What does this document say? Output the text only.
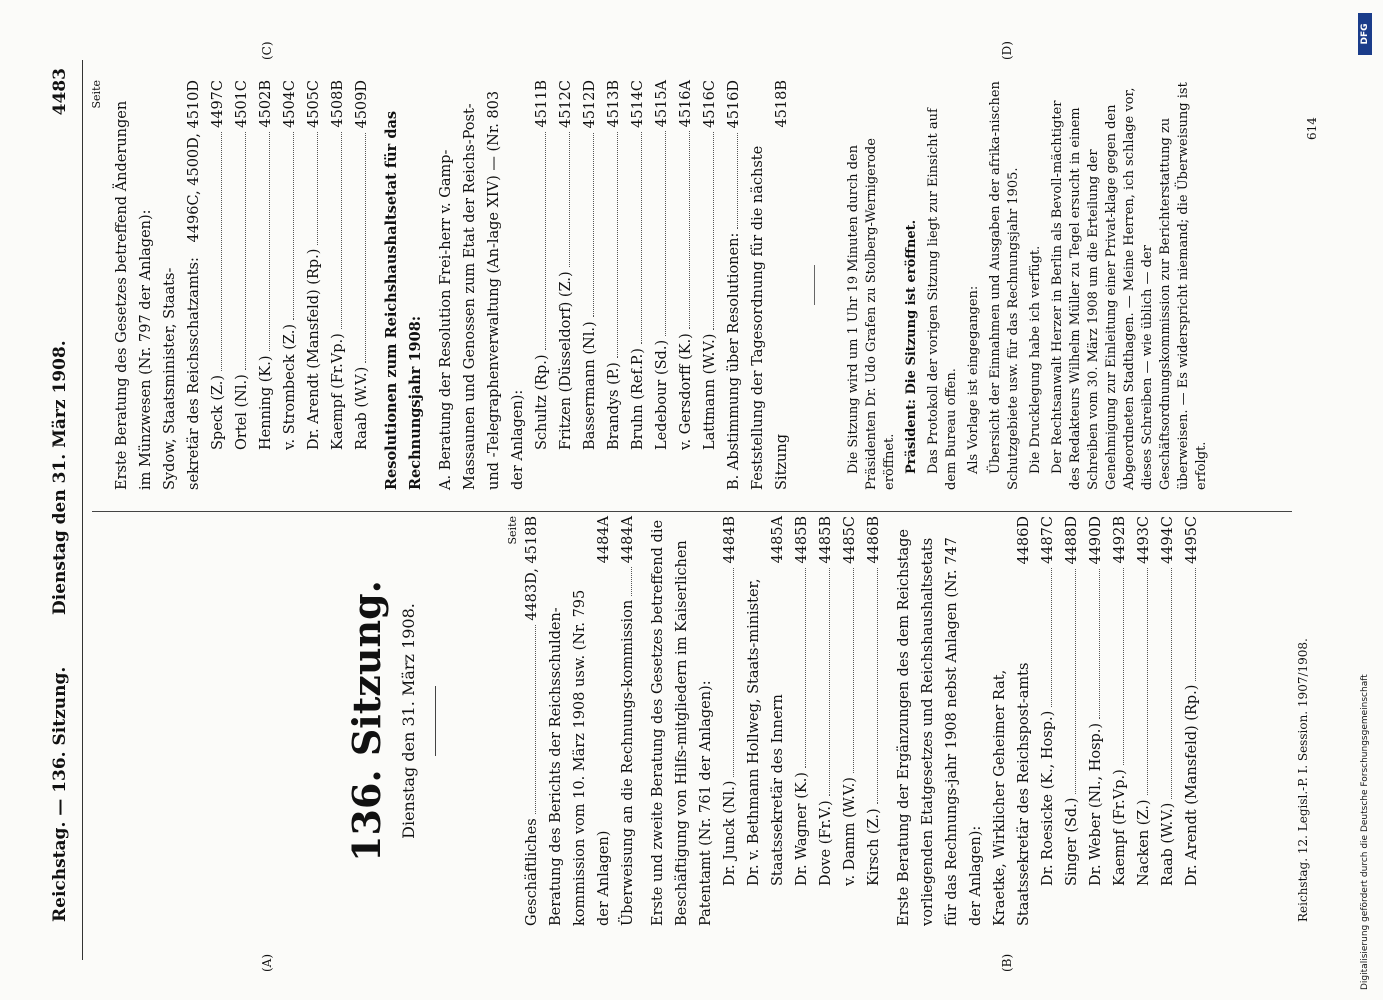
Reichstag. — 136. Sitzung.
Dienstag den 31. März 1908.
4483
(A)	(B)
(C)	(D)
136. Sitzung. Dienstag den 31. März 1908.
Seite
Geschäftliches
4483D, 4518B
Beratung des Berichts der Reichsschulden-kommission vom 10. März 1908 usw. (Nr. 795 der Anlagen)
4484A
Überweisung an die Rechnungs-kommission
4484A Erste und zweite Beratung des Gesetzes betreffend die Beschäftigung von Hilfs-mitgliedern im Kaiserlichen Patentamt (Nr. 761 der Anlagen): Dr. Junck (Nl.)
4484B
Dr. v. Bethmann Hollweg, Staats-minister, Staatssekretär des Innern
4485A
Dr. Wagner (K.)
4485B
Dove (Fr.V.)
4485B
v. Damm (W.V.)
4485C
Kirsch (Z.)
4486B Erste Beratung der Ergänzungen des dem Reichstage vorliegenden Etatgesetzes und Reichshaushaltsetats für das Rechnungs-jahr 1908 nebst Anlagen (Nr. 747 der Anlagen): Kraetke, Wirklicher Geheimer Rat, Staatssekretär des Reichspost-amts
4486D
Dr. Roesicke (K., Hosp.)
4487C
Singer (Sd.)
4488D
Dr. Weber (Nl., Hosp.)
4490D
Kaempf (Fr.Vp.)
4492B
Nacken (Z.)
4493C
Raab (W.V.)
4494C
Dr. Arendt (Mansfeld) (Rp.)
4495C
Seite
Erste Beratung des Gesetzes betreffend Änderungen im Münzwesen (Nr. 797 der Anlagen): Sydow, Staatsminister, Staats-sekretär des Reichsschatzamts:
4496C, 4500D, 4510D
Speck (Z.)
4497C
Ortel (Nl.)
4501C
Henning (K.)
4502B
v. Strombeck (Z.)
4504C
Dr. Arendt (Mansfeld) (Rp.)
4505C
Kaempf (Fr.Vp.)
4508B
Raab (W.V.)
4509D
Resolutionen zum Reichshaushaltsetat für das Rechnungsjahr 1908: A. Beratung der Resolution Frei-herr v. Gamp-Massaunen und Genossen zum Etat der Reichs-Post- und -Telegraphenverwaltung (An-lage XIV) — (Nr. 803 der Anlagen): Schultz (Rp.)
4511B
Fritzen (Düsseldorf) (Z.)
4512C
Bassermann (Nl.)
4512D
Brandys (P.)
4513B
Bruhn (Ref.P.)
4514C
Ledebour (Sd.)
4515A
v. Gersdorff (K.)
4516A
Lattmann (W.V.)
4516C
B. Abstimmung über Resolutionen:
4516D
Feststellung der Tagesordnung für die nächste Sitzung
4518B
Die Sitzung wird um 1 Uhr 19 Minuten durch den Präsidenten Dr. Udo Grafen zu Stolberg-Wernigerode eröffnet. Präsident: Die Sitzung ist eröffnet. Das Protokoll der vorigen Sitzung liegt zur Einsicht auf dem Bureau offen. Als Vorlage ist eingegangen: Übersicht der Einnahmen und Ausgaben der afrika-nischen Schutzgebiete usw. für das Rechnungsjahr 1905. Die Drucklegung habe ich verfügt. Der Rechtsanwalt Herzer in Berlin als Bevoll-mächtigter des Redakteurs Wilhelm Müller zu Tegel ersucht in einem Schreiben vom 30. März 1908 um die Erteilung der Genehmigung zur Einleitung einer Privat-klage gegen den Abgeordneten Stadthagen. — Meine Herren, ich schlage vor, dieses Schreiben — wie üblich — der Geschäftsordnungskommission zur Berichterstattung zu überweisen. — Es widerspricht niemand; die Überweisung ist erfolgt.
Reichstag. 12. Legisl.-P. I. Session. 1907/1908.
614
Digitalisierung gefördert durch die Deutsche Forschungsgemeinschaft
DFG
